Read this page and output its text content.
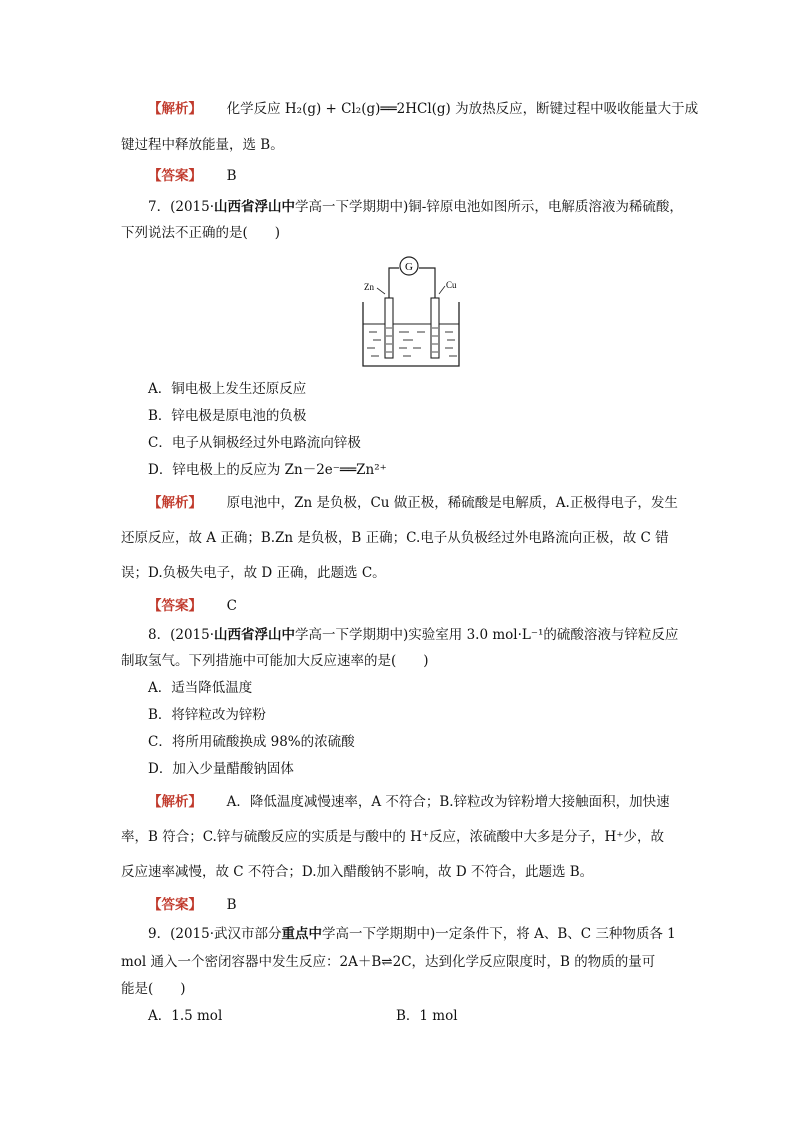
【解析】 化学反应 H₂(g) + Cl₂(g)══2HCl(g) 为放热反应，断键过程中吸收能量大于成
键过程中释放能量，选 B。
【答案】 B
7．(2015·山西省浮山中学高一下学期期中)铜-锌原电池如图所示，电解质溶液为稀硫酸，
下列说法不正确的是(　　)
G
Zn	Cu
A．铜电极上发生还原反应
B．锌电极是原电池的负极
C．电子从铜极经过外电路流向锌极
D．锌电极上的反应为 Zn－2e⁻══Zn²⁺
【解析】 原电池中，Zn 是负极，Cu 做正极，稀硫酸是电解质，A.正极得电子，发生
还原反应，故 A 正确；B.Zn 是负极，B 正确；C.电子从负极经过外电路流向正极，故 C 错
误；D.负极失电子，故 D 正确，此题选 C。
【答案】 C
8．(2015·山西省浮山中学高一下学期期中)实验室用 3.0 mol·L⁻¹的硫酸溶液与锌粒反应
制取氢气。下列措施中可能加大反应速率的是(　　)
A．适当降低温度
B．将锌粒改为锌粉
C．将所用硫酸换成 98%的浓硫酸
D．加入少量醋酸钠固体
【解析】 A．降低温度减慢速率，A 不符合；B.锌粒改为锌粉增大接触面积，加快速
率，B 符合；C.锌与硫酸反应的实质是与酸中的 H⁺反应，浓硫酸中大多是分子，H⁺少，故
反应速率减慢，故 C 不符合；D.加入醋酸钠不影响，故 D 不符合，此题选 B。
【答案】 B
9．(2015·武汉市部分重点中学高一下学期期中)一定条件下，将 A、B、C 三种物质各 1
mol 通入一个密闭容器中发生反应：2A＋B⇌2C，达到化学反应限度时，B 的物质的量可
能是(　　)
A．1.5 mol	B．1 mol
